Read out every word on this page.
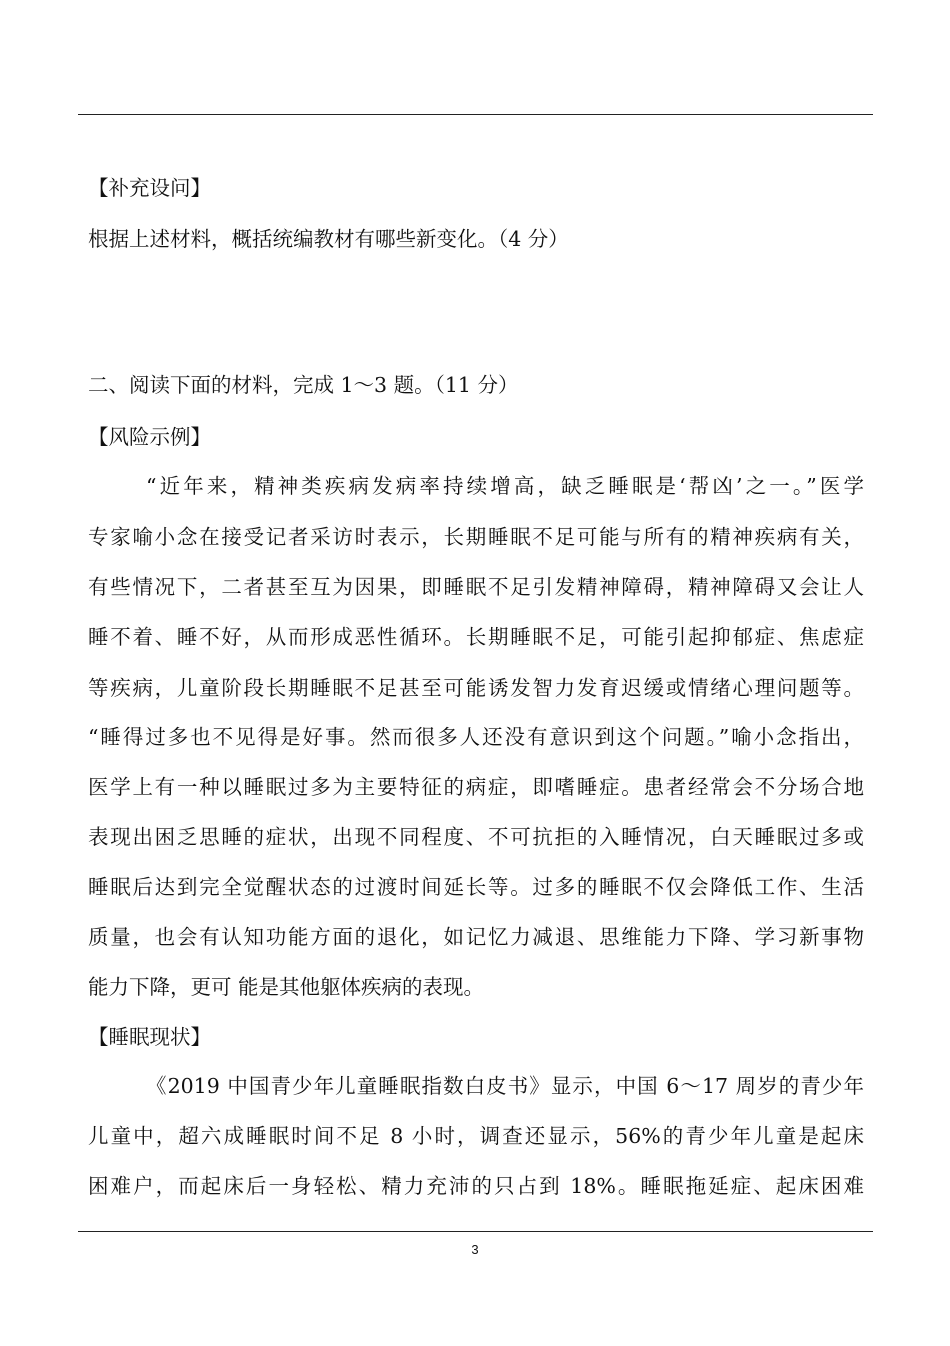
【补充设问】
根据上述材料，概括统编教材有哪些新变化。（4 分）
二、阅读下面的材料，完成 1～3 题。（11 分）
【风险示例】
“近年来，精神类疾病发病率持续增高，缺乏睡眠是‘帮凶’之一。”医学
专家喻小念在接受记者采访时表示，长期睡眠不足可能与所有的精神疾病有关，
有些情况下，二者甚至互为因果，即睡眠不足引发精神障碍，精神障碍又会让人
睡不着、睡不好，从而形成恶性循环。长期睡眠不足，可能引起抑郁症、焦虑症
等疾病，儿童阶段长期睡眠不足甚至可能诱发智力发育迟缓或情绪心理问题等。
“睡得过多也不见得是好事。然而很多人还没有意识到这个问题。”喻小念指出，
医学上有一种以睡眠过多为主要特征的病症，即嗜睡症。患者经常会不分场合地
表现出困乏思睡的症状，出现不同程度、不可抗拒的入睡情况，白天睡眠过多或
睡眠后达到完全觉醒状态的过渡时间延长等。过多的睡眠不仅会降低工作、生活
质量，也会有认知功能方面的退化，如记忆力减退、思维能力下降、学习新事物
能力下降，更可 能是其他躯体疾病的表现。
【睡眠现状】
《2019 中国青少年儿童睡眠指数白皮书》显示，中国 6～17 周岁的青少年
儿童中，超六成睡眠时间不足 8 小时，调查还显示，56%的青少年儿童是起床
困难户，而起床后一身轻松、精力充沛的只占到 18%。睡眠拖延症、起床困难
3
